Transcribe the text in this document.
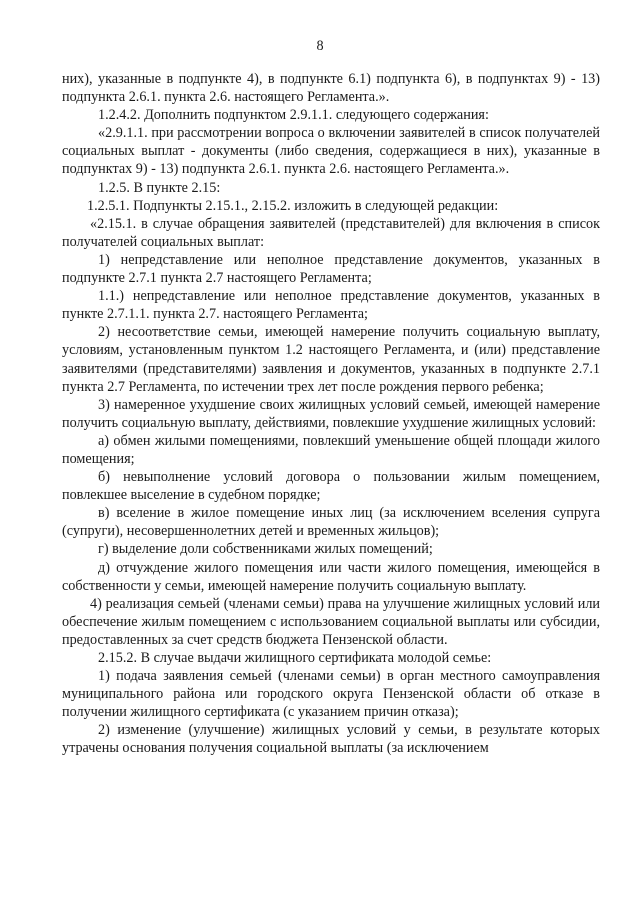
8

них), указанные в подпункте 4), в подпункте 6.1) подпункта 6), в подпунктах 9) - 13) подпункта 2.6.1. пункта 2.6. настоящего Регламента.».

1.2.4.2. Дополнить подпунктом 2.9.1.1. следующего содержания:

«2.9.1.1. при рассмотрении вопроса о включении заявителей в список получателей социальных выплат - документы (либо сведения, содержащиеся в них), указанные в подпунктах 9) - 13) подпункта 2.6.1. пункта 2.6. настоящего Регламента.».

1.2.5. В пункте 2.15:

1.2.5.1. Подпункты 2.15.1., 2.15.2. изложить в следующей редакции:

«2.15.1. в случае обращения заявителей (представителей) для включения в список получателей социальных выплат:

1) непредставление или неполное представление документов, указанных в подпункте 2.7.1 пункта 2.7 настоящего Регламента;

1.1.) непредставление или неполное представление документов, указанных в пункте 2.7.1.1. пункта 2.7. настоящего Регламента;

2) несоответствие семьи, имеющей намерение получить социальную выплату, условиям, установленным пунктом 1.2 настоящего Регламента, и (или) представление заявителями (представителями) заявления и документов, указанных в подпункте 2.7.1 пункта 2.7 Регламента, по истечении трех лет после рождения первого ребенка;

3) намеренное ухудшение своих жилищных условий семьей, имеющей намерение получить социальную выплату, действиями, повлекшие ухудшение жилищных условий:

а) обмен жилыми помещениями, повлекший уменьшение общей площади жилого помещения;

б) невыполнение условий договора о пользовании жилым помещением, повлекшее выселение в судебном порядке;

в) вселение в жилое помещение иных лиц (за исключением вселения супруга (супруги), несовершеннолетних детей и временных жильцов);

г) выделение доли собственниками жилых помещений;

д) отчуждение жилого помещения или части жилого помещения, имеющейся в собственности у семьи, имеющей намерение получить социальную выплату.

4) реализация семьей (членами семьи) права на улучшение жилищных условий или обеспечение жилым помещением с использованием социальной выплаты или субсидии, предоставленных за счет средств бюджета Пензенской области.

2.15.2. В случае выдачи жилищного сертификата молодой семье:

1) подача заявления семьей (членами семьи) в орган местного самоуправления муниципального района или городского округа Пензенской области об отказе в получении жилищного сертификата (с указанием причин отказа);

2) изменение (улучшение) жилищных условий у семьи, в результате которых утрачены основания получения социальной выплаты (за исключением
